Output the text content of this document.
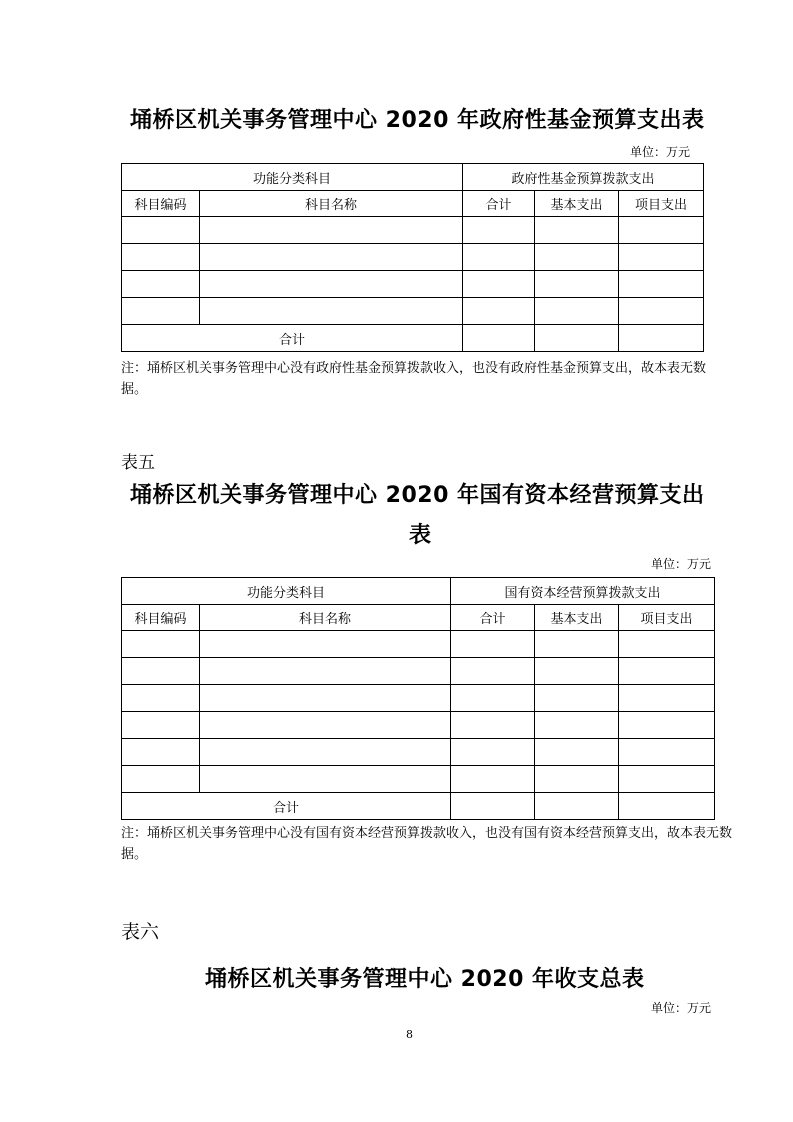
埇桥区机关事务管理中心 2020 年政府性基金预算支出表
单位：万元
功能分类科目		政府性基金预算拨款支出		
科目编码	科目名称	合计	基本支出	项目支出

合计				
注：埇桥区机关事务管理中心没有政府性基金预算拨款收入，也没有政府性基金预算支出，故本表无数据。
表五
埇桥区机关事务管理中心 2020 年国有资本经营预算支出
表
单位：万元
功能分类科目		国有资本经营预算拨款支出		
科目编码	科目名称	合计	基本支出	项目支出

合计				
注：埇桥区机关事务管理中心没有国有资本经营预算拨款收入，也没有国有资本经营预算支出，故本表无数据。
表六
埇桥区机关事务管理中心 2020 年收支总表
单位：万元
8
